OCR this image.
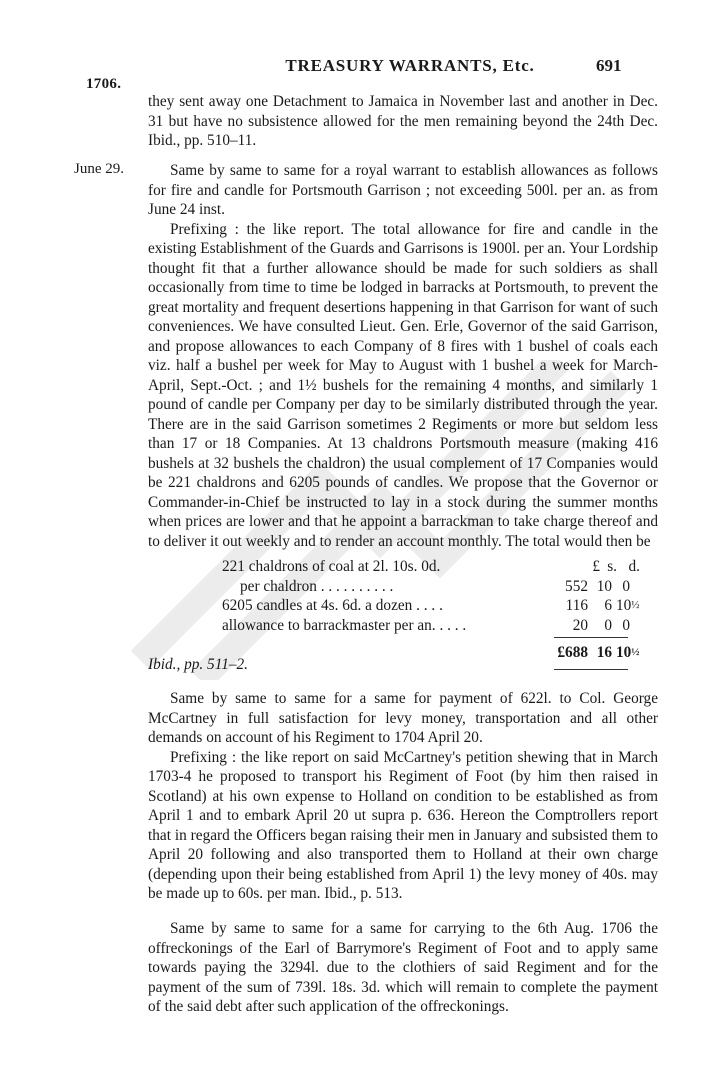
1706.
TREASURY WARRANTS, Etc.	691

they sent away one Detachment to Jamaica in November last and another in Dec. 31 but have no subsistence allowed for the men remaining beyond the 24th Dec. Ibid., pp. 510–11.

June 29.	Same by same to same for a royal warrant to establish allowances as follows for fire and candle for Portsmouth Garrison ; not exceeding 500l. per an. as from June 24 inst.

Prefixing : the like report. The total allowance for fire and candle in the existing Establishment of the Guards and Garrisons is 1900l. per an. Your Lordship thought fit that a further allowance should be made for such soldiers as shall occasionally from time to time be lodged in barracks at Portsmouth, to prevent the great mortality and frequent desertions happening in that Garrison for want of such conveniences. We have consulted Lieut. Gen. Erle, Governor of the said Garrison, and propose allowances to each Company of 8 fires with 1 bushel of coals each viz. half a bushel per week for May to August with 1 bushel a week for March-April, Sept.-Oct. ; and 1½ bushels for the remaining 4 months, and similarly 1 pound of candle per Company per day to be similarly distributed through the year. There are in the said Garrison sometimes 2 Regiments or more but seldom less than 17 or 18 Companies. At 13 chaldrons Portsmouth measure (making 416 bushels at 32 bushels the chaldron) the usual complement of 17 Companies would be 221 chaldrons and 6205 pounds of candles. We propose that the Governor or Commander-in-Chief be instructed to lay in a stock during the summer months when prices are lower and that he appoint a barrackman to take charge thereof and to deliver it out weekly and to render an account monthly. The total would then be

£ s. d.
221 chaldrons of coal at 2l. 10s. 0d.
per chaldron . . . . . . . . . .	552 10 0
6205 candles at 4s. 6d. a dozen . . . .	116	6 10½
allowance to barrackmaster per an. . . . .	20	0 0
£688 16 10½

Ibid., pp. 511–2.

Same by same to same for a same for payment of 622l. to Col. George McCartney in full satisfaction for levy money, transportation and all other demands on account of his Regiment to 1704 April 20.

Prefixing : the like report on said McCartney's petition shewing that in March 1703-4 he proposed to transport his Regiment of Foot (by him then raised in Scotland) at his own expense to Holland on condition to be established as from April 1 and to embark April 20 ut supra p. 636. Hereon the Comptrollers report that in regard the Officers began raising their men in January and subsisted them to April 20 following and also transported them to Holland at their own charge (depending upon their being established from April 1) the levy money of 40s. may be made up to 60s. per man. Ibid., p. 513.

Same by same to same for a same for carrying to the 6th Aug. 1706 the offreckonings of the Earl of Barrymore's Regiment of Foot and to apply same towards paying the 3294l. due to the clothiers of said Regiment and for the payment of the sum of 739l. 18s. 3d. which will remain to complete the payment of the said debt after such application of the offreckonings.
